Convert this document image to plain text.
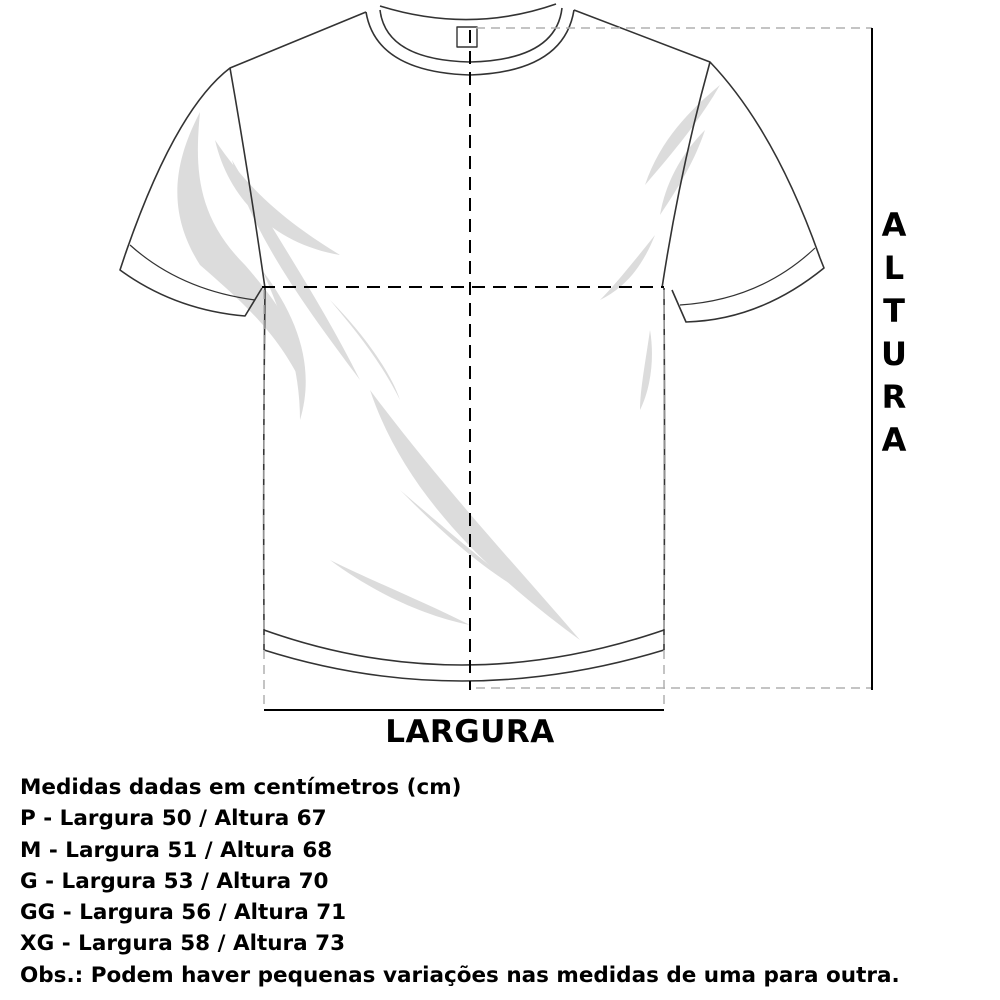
A
L
T
U
R
A
LARGURA
Medidas dadas em centímetros (cm)
P - Largura 50 / Altura 67
M - Largura 51 / Altura 68
G - Largura 53 / Altura 70
GG - Largura 56 / Altura 71
XG - Largura 58 / Altura 73
Obs.: Podem haver pequenas variações nas medidas de uma para outra.
